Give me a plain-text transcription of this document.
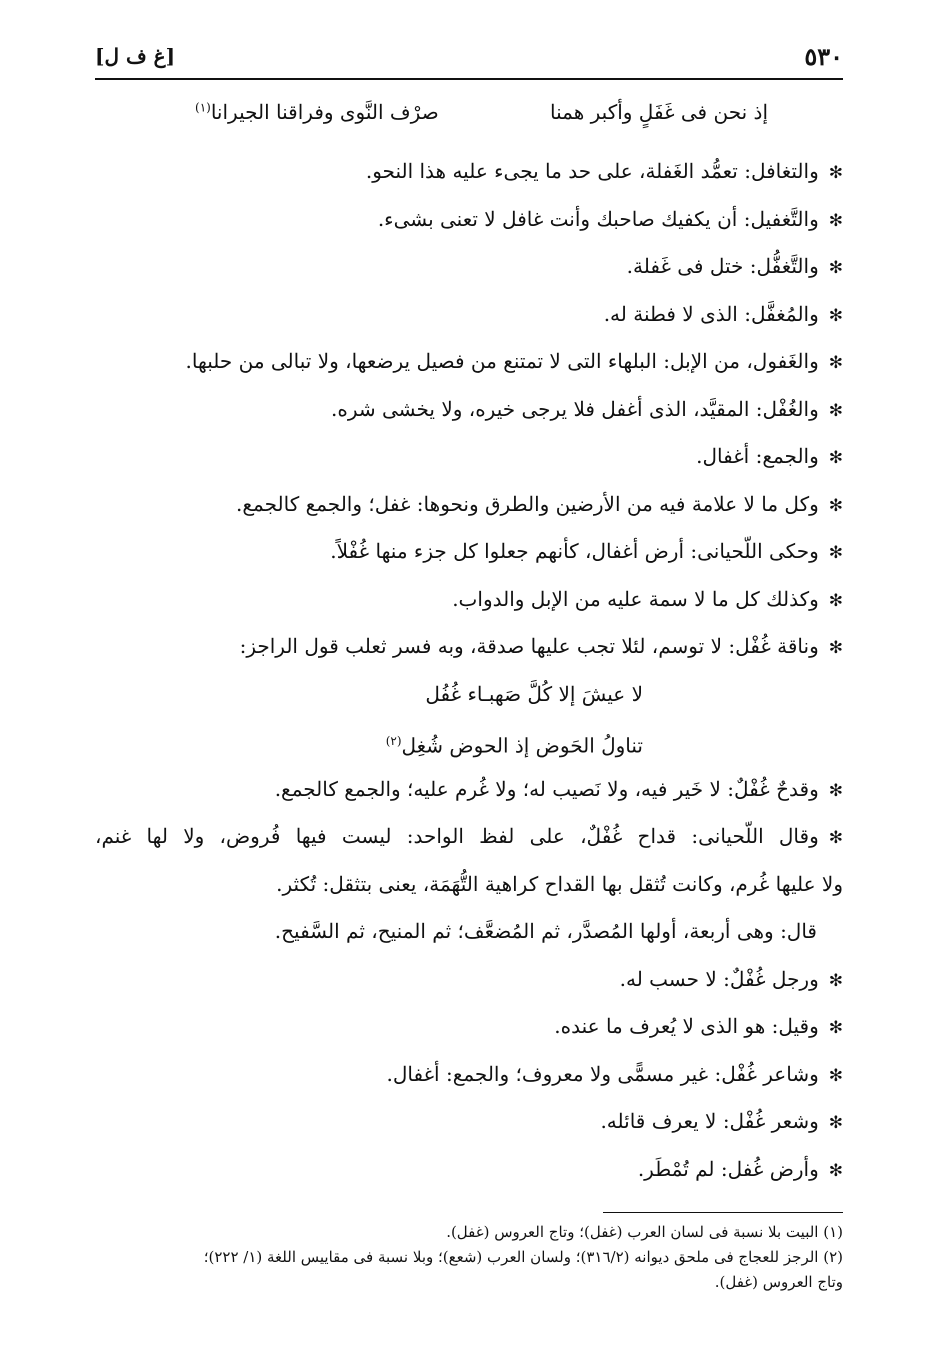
٥٣٠
[غ ف ل]
إذ نحن فى غَفَلٍ وأكبر همنا
صرْف النَّوى وفراقنا الجيرانا$^{(١)}$
✻والتغافل: تعمُّد الغَفلة، على حد ما يجىء عليه هذا النحو.
✻والتَّغفيل: أن يكفيك صاحبك وأنت غافل لا تعنى بشىء.
✻والتَّغفُّل: ختل فى غَفلة.
✻والمُغفَّل: الذى لا فطنة له.
✻والغَفول، من الإبل: البلهاء التى لا تمتنع من فصيل يرضعها، ولا تبالى من حلبها.
✻والغُفْل: المقيَّد، الذى أغفل فلا يرجى خيره، ولا يخشى شره.
✻والجمع: أغفال.
✻وكل ما لا علامة فيه من الأرضين والطرق ونحوها: غفل؛ والجمع كالجمع.
✻وحكى اللّحيانى: أرض أغفال، كأنهم جعلوا كل جزء منها غُفْلاً.
✻وكذلك كل ما لا سمة عليه من الإبل والدواب.
✻وناقة غُفْل: لا توسم، لئلا تجب عليها صدقة، وبه فسر ثعلب قول الراجز:
لا عيشَ إلا كُلَّ صَهبـاء غُفُل
تناولُ الحَوض إذ الحوض شُغِل$^{(٢)}$
✻وقدحٌ غُفْلٌ: لا خَير فيه، ولا نَصيب له؛ ولا غُرم عليه؛ والجمع كالجمع.
✻وقال اللّحيانى: قداح غُفْلٌ، على لفظ الواحد: ليست فيها فُروض، ولا لها غنم،
ولا عليها غُرم، وكانت تُثقل بها القداح كراهية التُّهَمَة، يعنى بتثقل: تُكثر.
قال: وهى أربعة، أولها المُصدَّر، ثم المُضعَّف؛ ثم المنيح، ثم السَّفيح.
✻ورجل غُفْلٌ: لا حسب له.
✻وقيل: هو الذى لا يُعرف ما عنده.
✻وشاعر غُفْل: غير مسمًّى ولا معروف؛ والجمع: أغفال.
✻وشعر غُفْل: لا يعرف قائله.
✻وأرض غُفل: لم تُمْطَر.
(١) البيت بلا نسبة فى لسان العرب (غفل)؛ وتاج العروس (غفل).
(٢) الرجز للعجاج فى ملحق ديوانه (٣١٦/٢)؛ ولسان العرب (شعع)؛ وبلا نسبة فى مقاييس اللغة (١/ ٢٢٢)؛
وتاج العروس (غفل).
